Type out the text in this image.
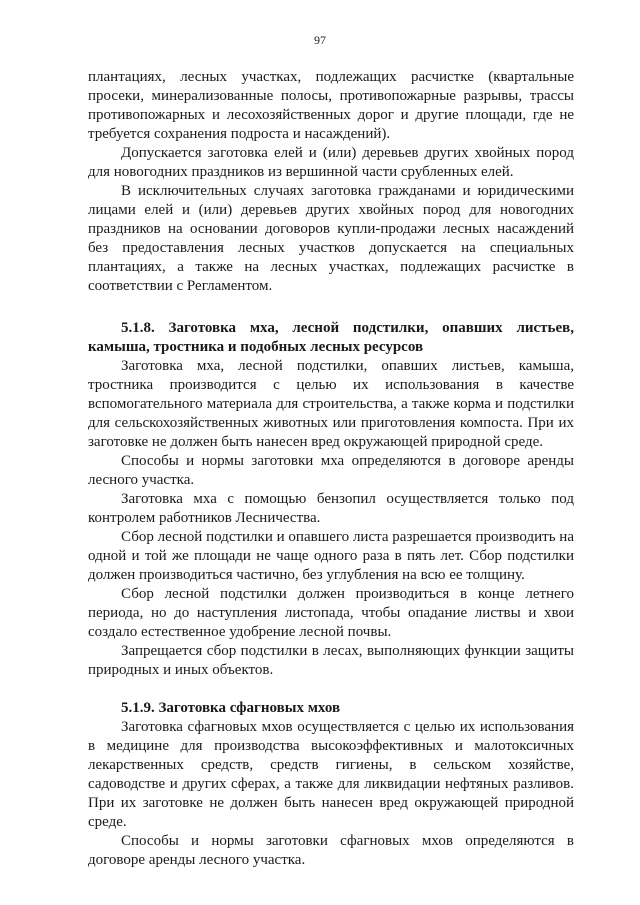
97

плантациях, лесных участках, подлежащих расчистке (квартальные просеки, минерализованные полосы, противопожарные разрывы, трассы противопожарных и лесохозяйственных дорог и другие площади, где не требуется сохранения подроста и насаждений).

Допускается заготовка елей и (или) деревьев других хвойных пород для новогодних праздников из вершинной части срубленных елей.

В исключительных случаях заготовка гражданами и юридическими лицами елей и (или) деревьев других хвойных пород для новогодних праздников на основании договоров купли-продажи лесных насаждений без предоставления лесных участков допускается на специальных плантациях, а также на лесных участках, подлежащих расчистке в соответствии с Регламентом.

5.1.8. Заготовка мха, лесной подстилки, опавших листьев, камыша, тростника и подобных лесных ресурсов

Заготовка мха, лесной подстилки, опавших листьев, камыша, тростника производится с целью их использования в качестве вспомогательного материала для строительства, а также корма и подстилки для сельскохозяйственных животных или приготовления компоста. При их заготовке не должен быть нанесен вред окружающей природной среде.

Способы и нормы заготовки мха определяются в договоре аренды лесного участка.

Заготовка мха с помощью бензопил осуществляется только под контролем работников Лесничества.

Сбор лесной подстилки и опавшего листа разрешается производить на одной и той же площади не чаще одного раза в пять лет. Сбор подстилки должен производиться частично, без углубления на всю ее толщину.

Сбор лесной подстилки должен производиться в конце летнего периода, но до наступления листопада, чтобы опадание листвы и хвои создало естественное удобрение лесной почвы.

Запрещается сбор подстилки в лесах, выполняющих функции защиты природных и иных объектов.

5.1.9. Заготовка сфагновых мхов

Заготовка сфагновых мхов осуществляется с целью их использования в медицине для производства высокоэффективных и малотоксичных лекарственных средств, средств гигиены, в сельском хозяйстве, садоводстве и других сферах, а также для ликвидации нефтяных разливов. При их заготовке не должен быть нанесен вред окружающей природной среде.

Способы и нормы заготовки сфагновых мхов определяются в договоре аренды лесного участка.
